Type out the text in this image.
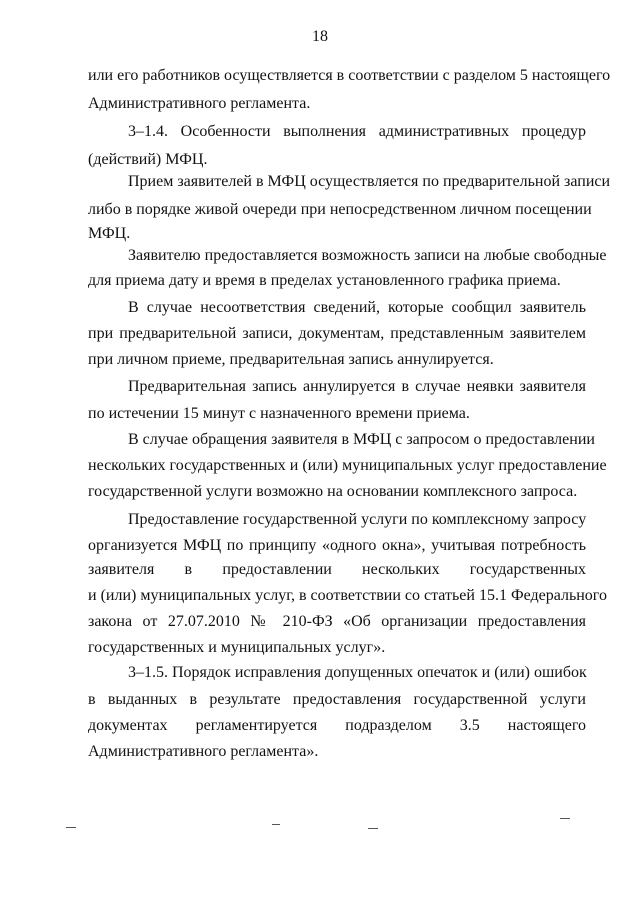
18
или его работников осуществляется в соответствии с разделом 5 настоящего
Административного регламента.
3–1.4. Особенности выполнения административных процедур
(действий) МФЦ.
Прием заявителей в МФЦ осуществляется по предварительной записи
либо в порядке живой очереди при непосредственном личном посещении
МФЦ.
Заявителю предоставляется возможность записи на любые свободные
для приема дату и время в пределах установленного графика приема.
В случае несоответствия сведений, которые сообщил заявитель
при предварительной записи, документам, представленным заявителем
при личном приеме, предварительная запись аннулируется.
Предварительная запись аннулируется в случае неявки заявителя
по истечении 15 минут с назначенного времени приема.
В случае обращения заявителя в МФЦ с запросом о предоставлении
нескольких государственных и (или) муниципальных услуг предоставление
государственной услуги возможно на основании комплексного запроса.
Предоставление государственной услуги по комплексному запросу
организуется МФЦ по принципу «одного окна», учитывая потребность
заявителя в предоставлении нескольких государственных
и (или) муниципальных услуг, в соответствии со статьей 15.1 Федерального
закона от 27.07.2010 № 210-ФЗ «Об организации предоставления
государственных и муниципальных услуг».
3–1.5. Порядок исправления допущенных опечаток и (или) ошибок
в выданных в результате предоставления государственной услуги
документах регламентируется подразделом 3.5 настоящего
Административного регламента».
